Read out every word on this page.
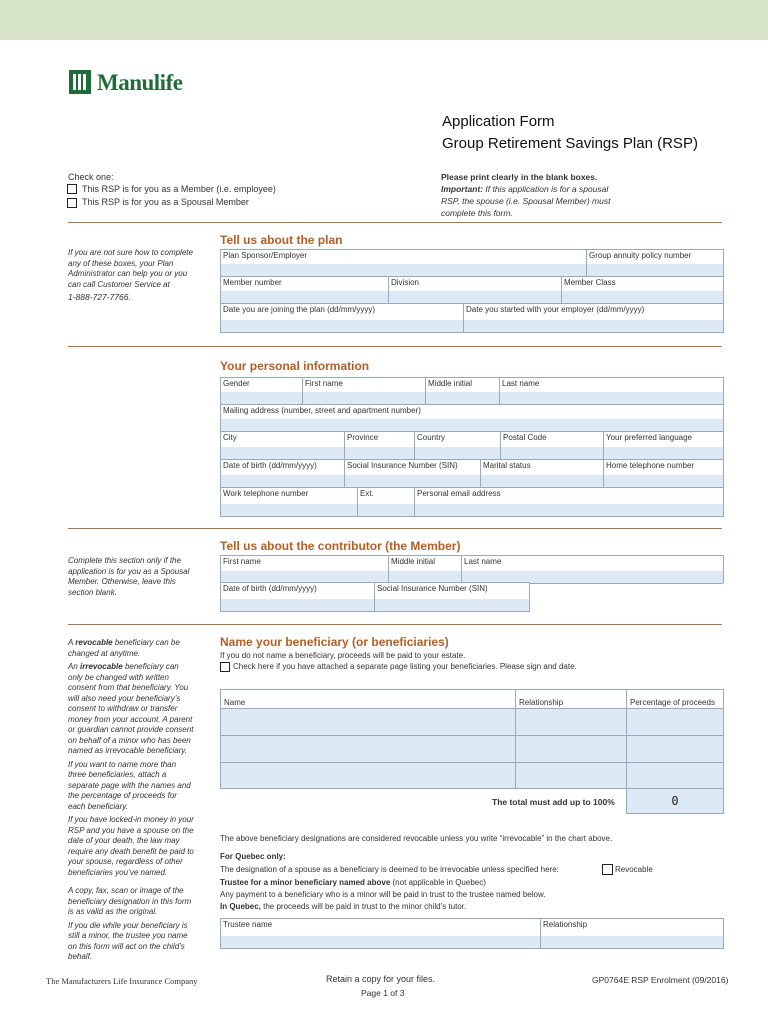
Manulife
Application Form
Group Retirement Savings Plan (RSP)
Check one:
This RSP is for you as a Member (i.e. employee)
This RSP is for you as a Spousal Member
Please print clearly in the blank boxes.
Important: If this application is for a spousal
RSP, the spouse (i.e. Spousal Member) must
complete this form.
Tell us about the plan
If you are not sure how to complete
any of these boxes, your Plan
Administrator can help you or you
can call Customer Service at
1-888-727-7766.
Plan Sponsor/Employer	Group annuity policy number
Member number	Division	Member Class
Date you are joining the plan (dd/mm/yyyy)	Date you started with your employer (dd/mm/yyyy)
Your personal information
Gender	First name	Middle initial	Last name
Mailing address (number, street and apartment number)
City	Province	Country	Postal Code	Your preferred language
Date of birth (dd/mm/yyyy)	Social Insurance Number (SIN)	Marital status	Home telephone number
Work telephone number	Ext.	Personal email address
Tell us about the contributor (the Member)
Complete this section only if the
application is for you as a Spousal
Member. Otherwise, leave this
section blank.
First name	Middle initial	Last name
Date of birth (dd/mm/yyyy)	Social Insurance Number (SIN)
A revocable beneficiary can be
changed at anytime.
An irrevocable beneficiary can
only be changed with written
consent from that beneficiary. You
will also need your beneficiary’s
consent to withdraw or transfer
money from your account. A parent
or guardian cannot provide consent
on behalf of a minor who has been
named as irrevocable beneficiary.
If you want to name more than
three beneficiaries, attach a
separate page with the names and
the percentage of proceeds for
each beneficiary.
If you have locked-in money in your
RSP and you have a spouse on the
date of your death, the law may
require any death benefit be paid to
your spouse, regardless of other
beneficiaries you’ve named.
A copy, fax, scan or image of the
beneficiary designation in this form
is as valid as the original.
If you die while your beneficiary is
still a minor, the trustee you name
on this form will act on the child’s
behalf.
Name your beneficiary (or beneficiaries)
If you do not name a beneficiary, proceeds will be paid to your estate.
Check here if you have attached a separate page listing your beneficiaries. Please sign and date.
Name	Relationship	Percentage of proceeds
The total must add up to 100%	0
The above beneficiary designations are considered revocable unless you write “irrevocable” in the chart above.
For Quebec only:
The designation of a spouse as a beneficiary is deemed to be irrevocable unless specified here:	Revocable
Trustee for a minor beneficiary named above (not applicable in Quebec)
Any payment to a beneficiary who is a minor will be paid in trust to the trustee named below.
In Quebec, the proceeds will be paid in trust to the minor child’s tutor.
Trustee name	Relationship
The Manufacturers Life Insurance Company	Retain a copy for your files.
Page 1 of 3
GP0764E RSP Enrolment (09/2016)
